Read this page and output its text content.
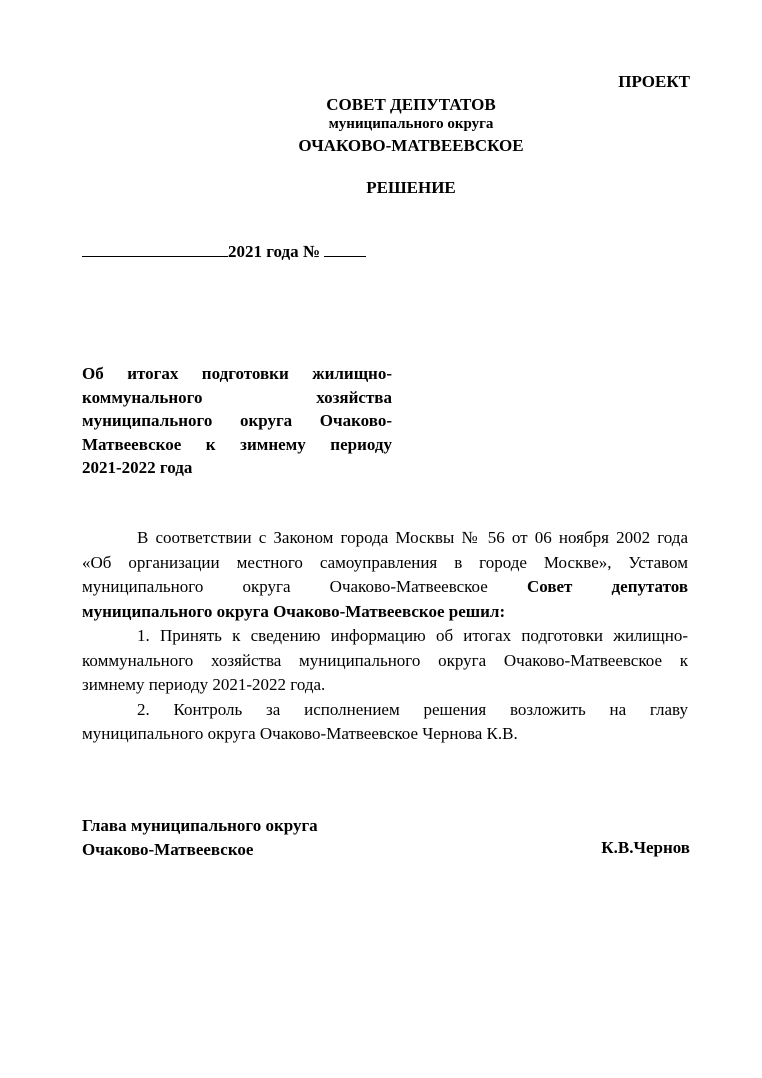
ПРОЕКТ
СОВЕТ ДЕПУТАТОВ
муниципального округа
ОЧАКОВО-МАТВЕЕВСКОЕ
РЕШЕНИЕ
2021 года №
Об итогах подготовки жилищно-
коммунального хозяйства
муниципального округа Очаково-
Матвеевское к зимнему периоду
2021-2022 года
В соответствии с Законом города Москвы № 56 от 06 ноября 2002 года
«Об организации местного самоуправления в городе Москве», Уставом
муниципального округа Очаково-Матвеевское Совет депутатов
муниципального округа Очаково-Матвеевское решил:
1. Принять к сведению информацию об итогах подготовки жилищно-
коммунального хозяйства муниципального округа Очаково-Матвеевское к
зимнему периоду 2021-2022 года.
2. Контроль за исполнением решения возложить на главу
муниципального округа Очаково-Матвеевское Чернова К.В.
Глава муниципального округа
Очаково-Матвеевское	К.В.Чернов
